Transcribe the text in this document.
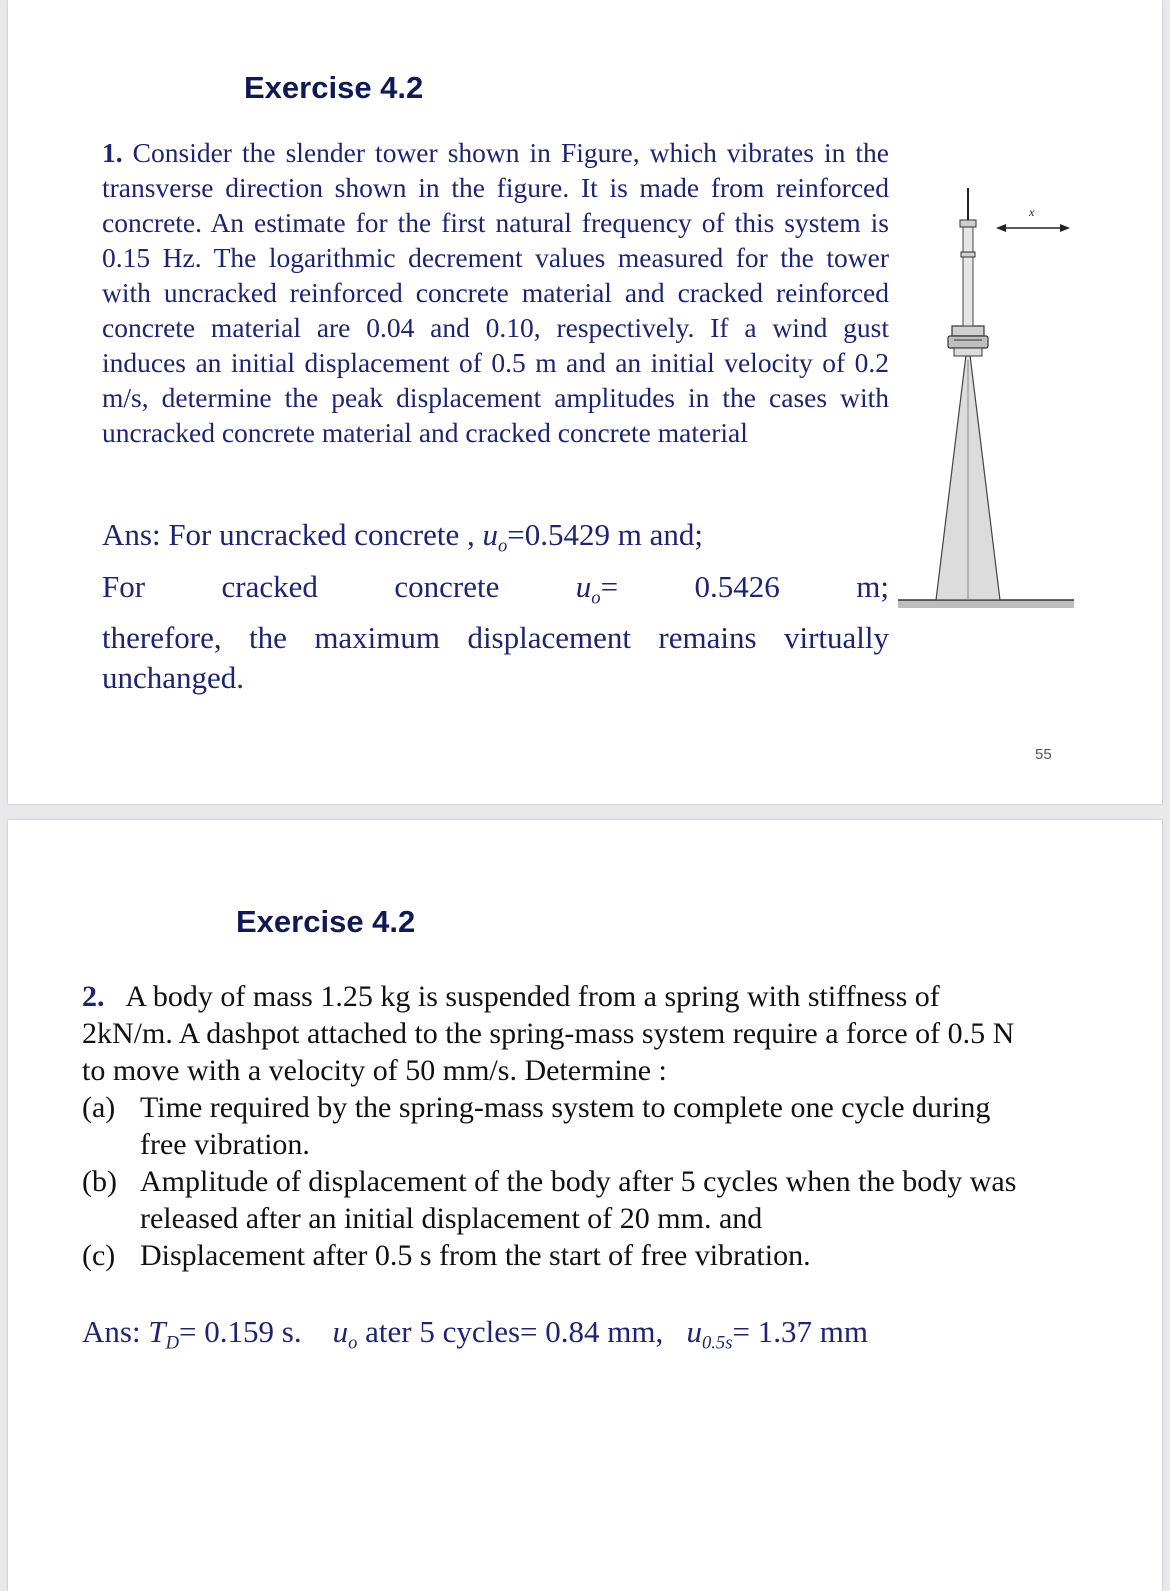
Exercise 4.2
1. Consider the slender tower shown in Figure, which vibrates in the transverse direction shown in the figure. It is made from reinforced concrete. An estimate for the first natural frequency of this system is 0.15 Hz. The logarithmic decrement values measured for the tower with uncracked reinforced concrete material and cracked reinforced concrete material are 0.04 and 0.10, respectively. If a wind gust induces an initial displacement of 0.5 m and an initial velocity of 0.2 m/s, determine the peak displacement amplitudes in the cases with uncracked concrete material and cracked concrete material
Ans: For uncracked concrete , $u_o=0.5429$ m and;
For cracked concrete $u_o= 0.5426$ m;
therefore, the maximum displacement remains virtually
unchanged.
x
55
Exercise 4.2
2. A body of mass 1.25 kg is suspended from a spring with stiffness of 2kN/m. A dashpot attached to the spring-mass system require a force of 0.5 N to move with a velocity of 50 mm/s. Determine :
(a) Time required by the spring-mass system to complete one cycle during free vibration.
(b) Amplitude of displacement of the body after 5 cycles when the body was released after an initial displacement of 20 mm. and
(c) Displacement after 0.5 s from the start of free vibration.
Ans: $T_D= 0.159$ s. $u_o$ ater 5 cycles= 0.84 mm, $u_{0.5s}= 1.37$ mm
